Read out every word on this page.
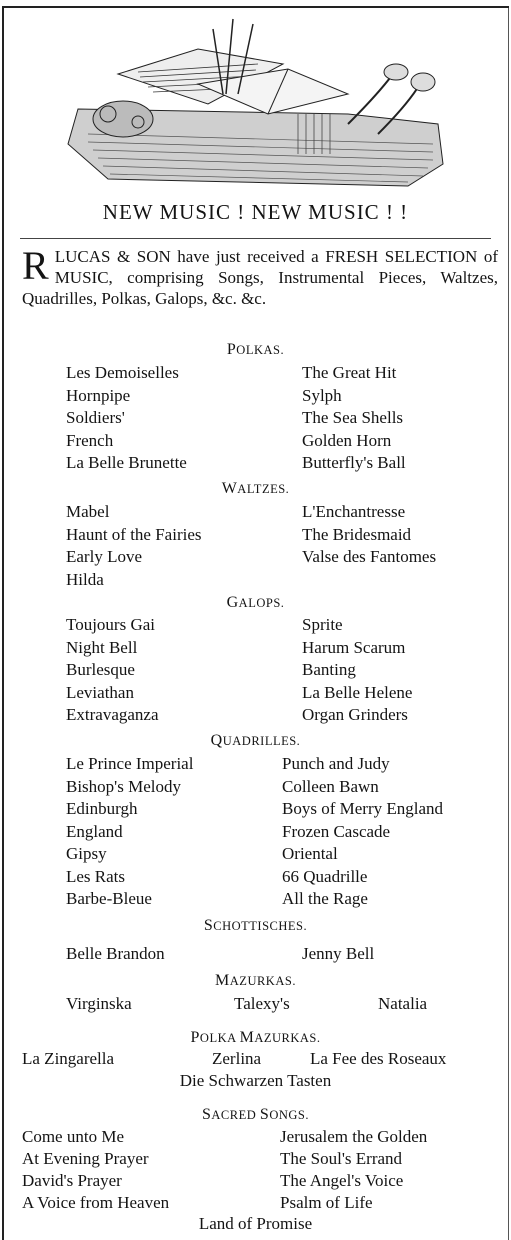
NEW MUSIC ! NEW MUSIC ! !
R LUCAS & SON have just received a FRESH SELECTION of MUSIC, comprising Songs, Instrumental Pieces, Waltzes, Quadrilles, Polkas, Galops, &c. &c.
POLKAS.
Les Demoiselles	The Great Hit
Hornpipe	Sylph
Soldiers'	The Sea Shells
French	Golden Horn
La Belle Brunette	Butterfly's Ball
WALTZES.
Mabel	L'Enchantresse
Haunt of the Fairies	The Bridesmaid
Early Love	Valse des Fantomes
Hilda
GALOPS.
Toujours Gai	Sprite
Night Bell	Harum Scarum
Burlesque	Banting
Leviathan	La Belle Helene
Extravaganza	Organ Grinders
QUADRILLES.
Le Prince Imperial	Punch and Judy
Bishop's Melody	Colleen Bawn
Edinburgh	Boys of Merry England
England	Frozen Cascade
Gipsy	Oriental
Les Rats	66 Quadrille
Barbe-Bleue	All the Rage
SCHOTTISCHES.
Belle Brandon	Jenny Bell
MAZURKAS.
Virginska	Talexy's	Natalia
POLKA MAZURKAS.
La Zingarella	Zerlina	La Fee des Roseaux
Die Schwarzen Tasten
SACRED SONGS.
Come unto Me	Jerusalem the Golden
At Evening Prayer	The Soul's Errand
David's Prayer	The Angel's Voice
A Voice from Heaven	Psalm of Life
Land of Promise
